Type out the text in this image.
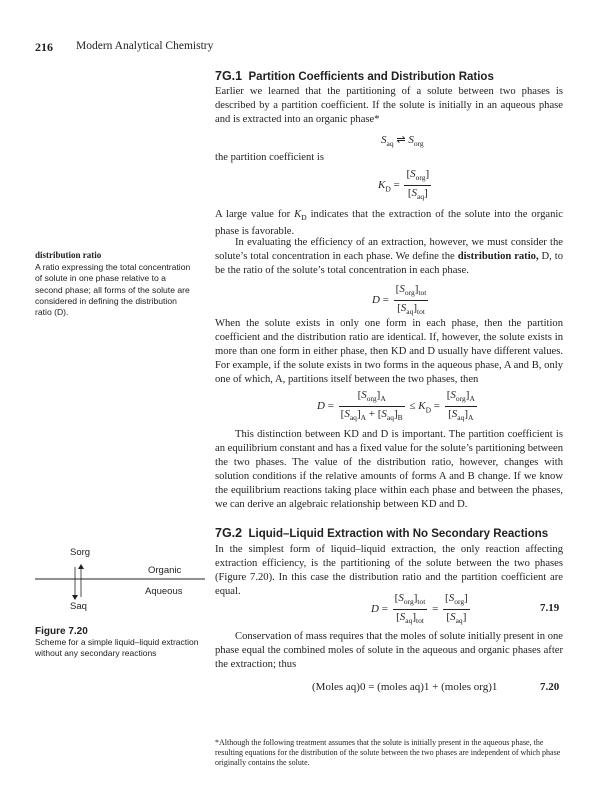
216 Modern Analytical Chemistry
7G.1 Partition Coefficients and Distribution Ratios
Earlier we learned that the partitioning of a solute between two phases is described by a partition coefficient. If the solute is initially in an aqueous phase and is extracted into an organic phase*
$S_{aq}$ ⇌ $S_{org}$
the partition coefficient is
$K_D = \frac{[S_{org}]}{[S_{aq}]}$
A large value for $K_D$ indicates that the extraction of the solute into the organic phase is favorable.
In evaluating the efficiency of an extraction, however, we must consider the solute’s total concentration in each phase. We define the distribution ratio, D, to be the ratio of the solute’s total concentration in each phase.
$D = \frac{[S_{org}]_{tot}}{[S_{aq}]_{tot}}$
When the solute exists in only one form in each phase, then the partition coefficient and the distribution ratio are identical. If, however, the solute exists in more than one form in either phase, then KD and D usually have different values. For example, if the solute exists in two forms in the aqueous phase, A and B, only one of which, A, partitions itself between the two phases, then
$D = \frac{[S_{org}]_A}{[S_{aq}]_A + [S_{aq}]_B} \le K_D = \frac{[S_{org}]_A}{[S_{aq}]_A}$
This distinction between KD and D is important. The partition coefficient is an equilibrium constant and has a fixed value for the solute’s partitioning between the two phases. The value of the distribution ratio, however, changes with solution conditions if the relative amounts of forms A and B change. If we know the equilibrium reactions taking place within each phase and between the phases, we can derive an algebraic relationship between KD and D.
7G.2 Liquid–Liquid Extraction with No Secondary Reactions
In the simplest form of liquid–liquid extraction, the only reaction affecting extraction efficiency, is the partitioning of the solute between the two phases (Figure 7.20). In this case the distribution ratio and the partition coefficient are equal.
$D = \frac{[S_{org}]_{tot}}{[S_{aq}]_{tot}} = \frac{[S_{org}]}{[S_{aq}]}$	7.19
Conservation of mass requires that the moles of solute initially present in one phase equal the combined moles of solute in the aqueous and organic phases after the extraction; thus
(Moles aq)0 = (moles aq)1 + (moles org)1	7.20
distribution ratio
A ratio expressing the total concentration of solute in one phase relative to a second phase; all forms of the solute are considered in defining the distribution ratio (D).
Sorg
Saq
Organic
Aqueous
Figure 7.20
Scheme for a simple liquid–liquid extraction without any secondary reactions
*Although the following treatment assumes that the solute is initially present in the aqueous phase, the resulting equations for the distribution of the solute between the two phases are independent of which phase originally contains the solute.
